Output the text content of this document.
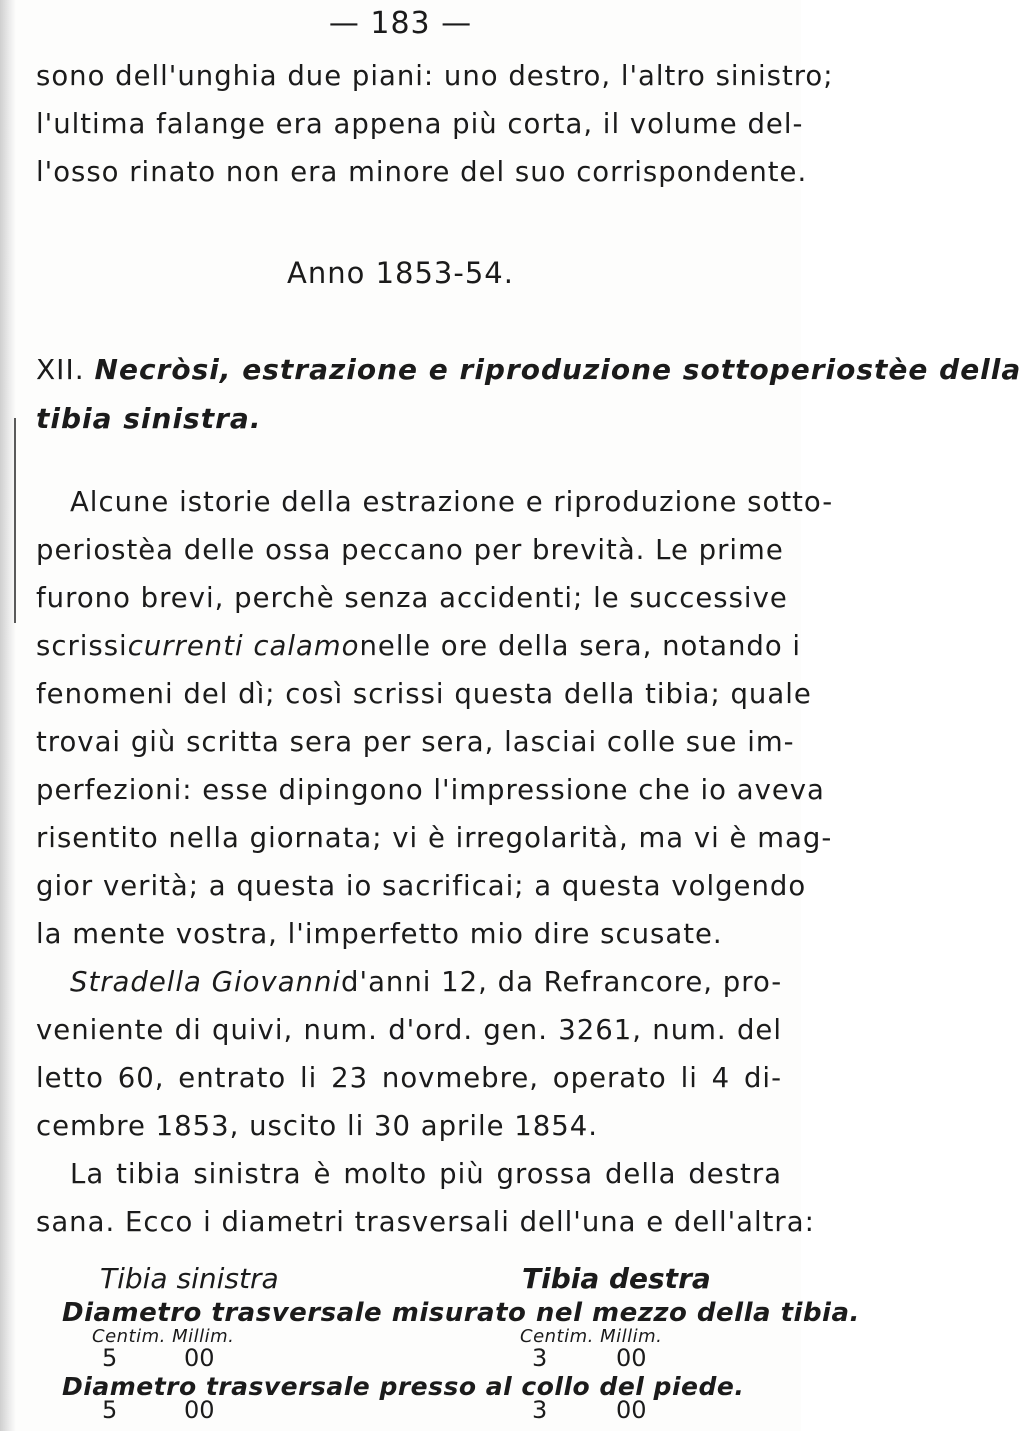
— 183 —
sono dell'unghia due piani: uno destro, l'altro sinistro;
l'ultima falange era appena più corta, il volume del-
l'osso rinato non era minore del suo corrispondente.
Anno 1853-54.
XII. Necròsi, estrazione e riproduzione sottoperiostèe della
tibia sinistra.
Alcune istorie della estrazione e riproduzione sotto-
periostèa delle ossa peccano per brevità. Le prime
furono brevi, perchè senza accidenti; le successive
scrissi currenti calamo nelle ore della sera, notando i
fenomeni del dì; così scrissi questa della tibia; quale
trovai giù scritta sera per sera, lasciai colle sue im-
perfezioni: esse dipingono l'impressione che io aveva
risentito nella giornata; vi è irregolarità, ma vi è mag-
gior verità; a questa io sacrificai; a questa volgendo
la mente vostra, l'imperfetto mio dire scusate.
Stradella Giovanni d'anni 12, da Refrancore, pro-
veniente di quivi, num. d'ord. gen. 3261, num. del
letto 60, entrato li 23 novmebre, operato li 4 di-
cembre 1853, uscito li 30 aprile 1854.
La tibia sinistra è molto più grossa della destra
sana. Ecco i diametri trasversali dell'una e dell'altra:
Tibia sinistra	Tibia destra
Diametro trasversale misurato nel mezzo della tibia.
Centim. Millim.	Centim. Millim.
5	00	3	00
Diametro trasversale presso al collo del piede.
5	00	3	00
